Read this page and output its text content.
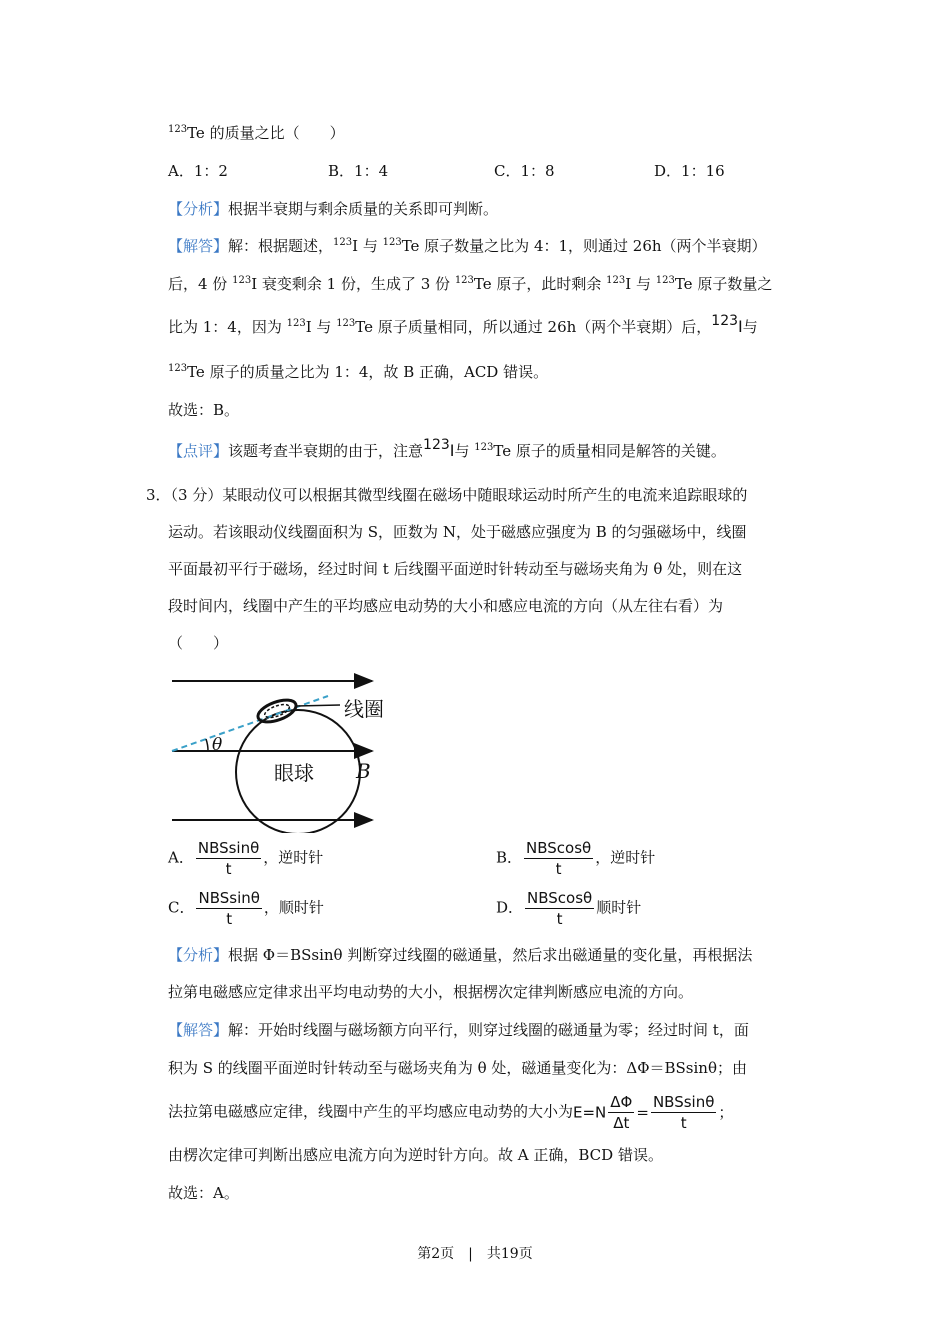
$^{123}$Te 的质量之比（　　）
A．1：2	B．1：4	C．1：8	D．1：16
【分析】根据半衰期与剩余质量的关系即可判断。
【解答】解：根据题述，$^{123}$I 与 $^{123}$Te 原子数量之比为 4：1，则通过 26h（两个半衰期）
后，4 份 $^{123}$I 衰变剩余 1 份，生成了 3 份 $^{123}$Te 原子，此时剩余 $^{123}$I 与 $^{123}$Te 原子数量之
比为 1：4，因为 $^{123}$I 与 $^{123}$Te 原子质量相同，所以通过 26h（两个半衰期）后，123I与
$^{123}$Te 原子的质量之比为 1：4，故 B 正确，ACD 错误。
故选：B。
【点评】该题考查半衰期的由于，注意123I与 $^{123}$Te 原子的质量相同是解答的关键。
3．（3 分）某眼动仪可以根据其微型线圈在磁场中随眼球运动时所产生的电流来追踪眼球的
运动。若该眼动仪线圈面积为 S，匝数为 N，处于磁感应强度为 B 的匀强磁场中，线圈
平面最初平行于磁场，经过时间 t 后线圈平面逆时针转动至与磁场夹角为 θ 处，则在这
段时间内，线圈中产生的平均感应电动势的大小和感应电流的方向（从左往右看）为
（　　）
线圈
θ
眼球 B
A． $\frac{\text{NBSsinθ}}{t}$ ，逆时针	B． $\frac{\text{NBScosθ}}{t}$ ，逆时针
C． $\frac{\text{NBSsinθ}}{t}$ ，顺时针	D． $\frac{\text{NBScosθ}}{t}$ 顺时针
【分析】根据 Φ＝BSsinθ 判断穿过线圈的磁通量，然后求出磁通量的变化量，再根据法
拉第电磁感应定律求出平均电动势的大小，根据楞次定律判断感应电流的方向。
【解答】解：开始时线圈与磁场额方向平行，则穿过线圈的磁通量为零；经过时间 t，面
积为 S 的线圈平面逆时针转动至与磁场夹角为 θ 处，磁通量变化为：ΔΦ＝BSsinθ；由
法拉第电磁感应定律，线圈中产生的平均感应电动势的大小为$E=N \frac{\Delta\Phi}{\Delta t} = \frac{\text{NBSsinθ}}{t}$ ；
由楞次定律可判断出感应电流方向为逆时针方向。故 A 正确，BCD 错误。
故选：A。
第2页　|　共19页
